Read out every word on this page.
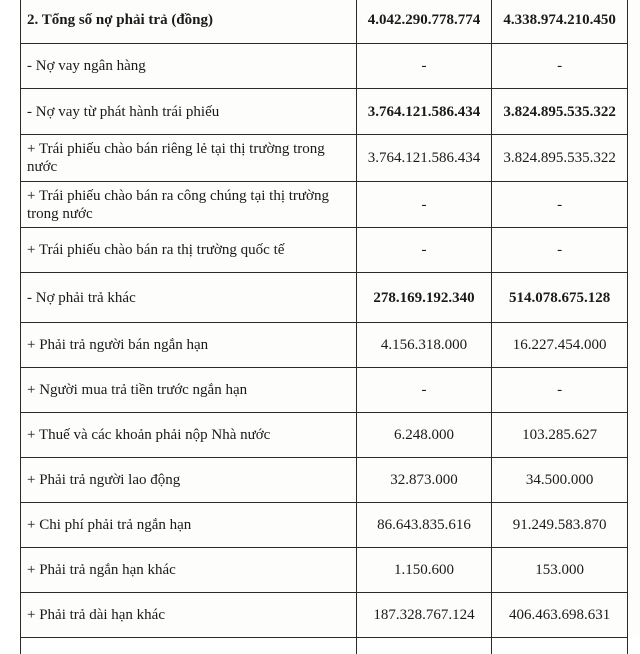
2. Tổng số nợ phải trả (đồng)	4.042.290.778.774	4.338.974.210.450
- Nợ vay ngân hàng	-	-
- Nợ vay từ phát hành trái phiếu	3.764.121.586.434	3.824.895.535.322
+ Trái phiếu chào bán riêng lẻ tại thị trường trong nước	3.764.121.586.434	3.824.895.535.322
+ Trái phiếu chào bán ra công chúng tại thị trường trong nước	-	-
+ Trái phiếu chào bán ra thị trường quốc tế	-	-
- Nợ phải trả khác	278.169.192.340	514.078.675.128
+ Phải trả người bán ngắn hạn	4.156.318.000	16.227.454.000
+ Người mua trả tiền trước ngắn hạn	-	-
+ Thuế và các khoản phải nộp Nhà nước	6.248.000	103.285.627
+ Phải trả người lao động	32.873.000	34.500.000
+ Chi phí phải trả ngắn hạn	86.643.835.616	91.249.583.870
+ Phải trả ngắn hạn khác	1.150.600	153.000
+ Phải trả dài hạn khác	187.328.767.124	406.463.698.631
